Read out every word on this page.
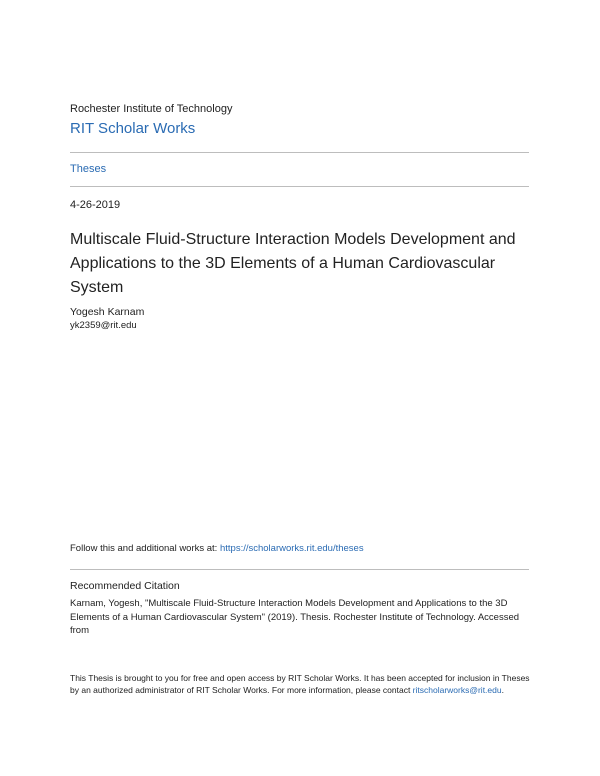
Rochester Institute of Technology
RIT Scholar Works
Theses
4-26-2019
Multiscale Fluid-Structure Interaction Models Development and Applications to the 3D Elements of a Human Cardiovascular System
Yogesh Karnam
yk2359@rit.edu
Follow this and additional works at: https://scholarworks.rit.edu/theses
Recommended Citation
Karnam, Yogesh, "Multiscale Fluid-Structure Interaction Models Development and Applications to the 3D Elements of a Human Cardiovascular System" (2019). Thesis. Rochester Institute of Technology. Accessed from
This Thesis is brought to you for free and open access by RIT Scholar Works. It has been accepted for inclusion in Theses by an authorized administrator of RIT Scholar Works. For more information, please contact ritscholarworks@rit.edu.
